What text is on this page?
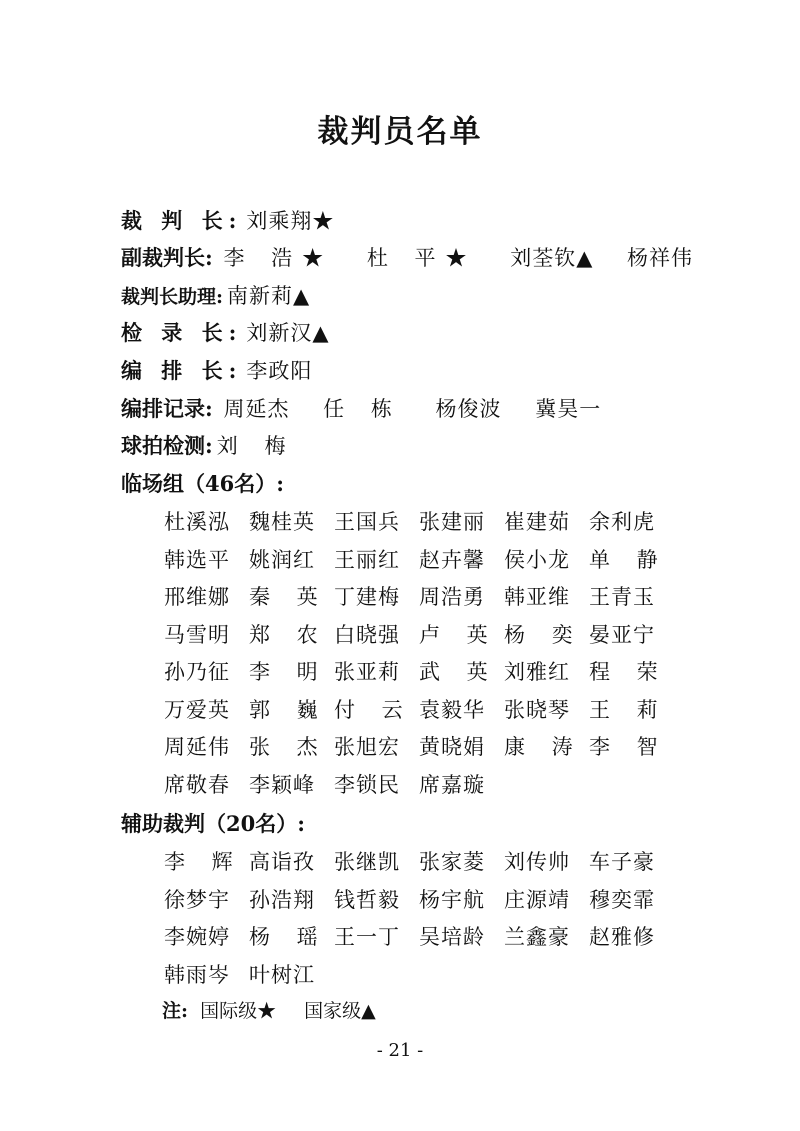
裁判员名单
裁 判 长: 刘乘翔★
副裁判长: 李 浩★ 杜 平★ 刘荃钦▲ 杨祥伟
裁判长助理: 南新莉▲
检 录 长: 刘新汉▲
编 排 长: 李政阳
编排记录: 周延杰 任 栋 杨俊波 冀昊一
球拍检测: 刘 梅
临场组（46名）:
杜溪泓 魏桂英 王国兵 张建丽 崔建茹 余利虎
韩选平 姚润红 王丽红 赵卉馨 侯小龙 单 静
邢维娜 秦 英 丁建梅 周浩勇 韩亚维 王青玉
马雪明 郑 农 白晓强 卢 英 杨 奕 晏亚宁
孙乃征 李 明 张亚莉 武 英 刘雅红 程 荣
万爱英 郭 巍 付 云 袁毅华 张晓琴 王 莉
周延伟 张 杰 张旭宏 黄晓娟 康 涛 李 智
席敬春 李颖峰 李锁民 席嘉璇
辅助裁判（20名）:
李 辉 高诣孜 张继凯 张家菱 刘传帅 车子豪
徐梦宇 孙浩翔 钱哲毅 杨宇航 庄源靖 穆奕霏
李婉婷 杨 瑶 王一丁 吴培龄 兰鑫豪 赵雅修
韩雨岑 叶树江
注: 国际级★ 国家级▲
- 21 -
